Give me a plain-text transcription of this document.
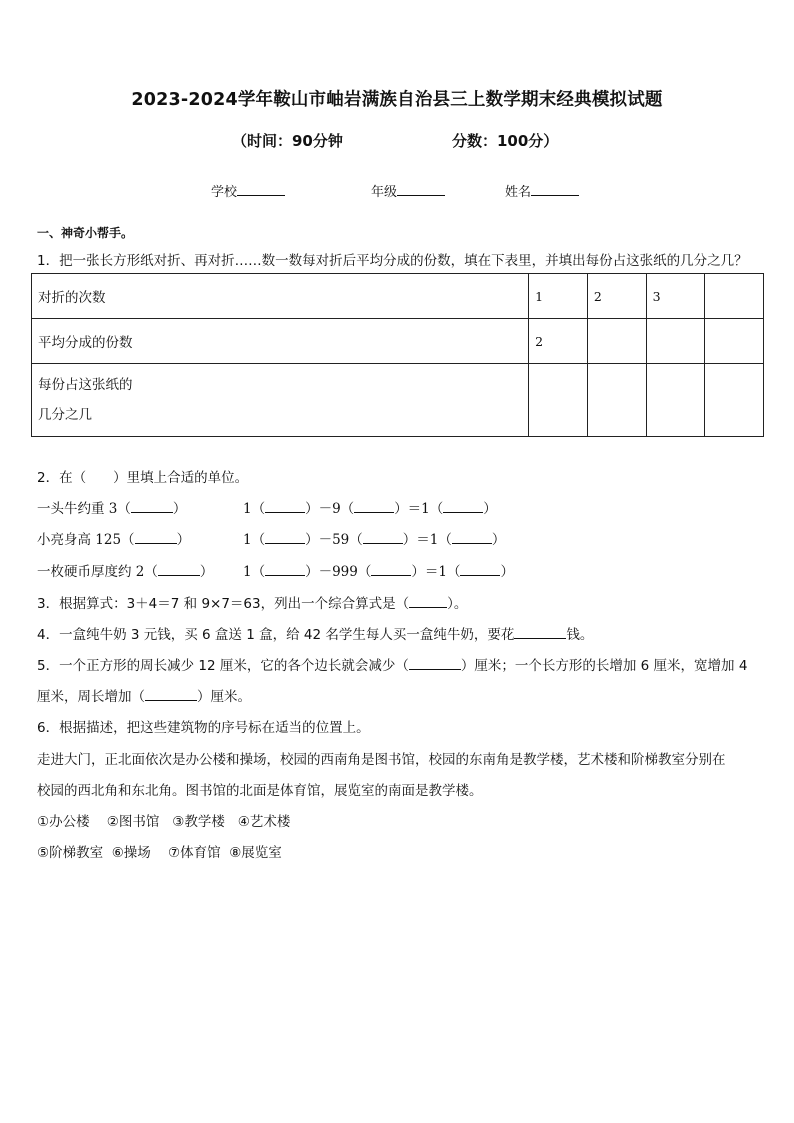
2023-2024学年鞍山市岫岩满族自治县三上数学期末经典模拟试题
（时间：90分钟	分数：100分）
学校	年级	姓名
一、神奇小帮手。
1．把一张长方形纸对折、再对折……数一数每对折后平均分成的份数，填在下表里，并填出每份占这张纸的几分之几？
对折的次数	1	2	3	
平均分成的份数	2			

每份占这张纸的
几分之几				

2．在（　　）里填上合适的单位。
一头牛约重 3（	）	1（	）－9（	）＝1（	）
小亮身高 125（	）	1（	）－59（	）＝1（	）
一枚硬币厚度约 2（	） 1（	）－999（	）＝1（	）
3．根据算式：3＋4＝7 和 9×7＝63，列出一个综合算式是（	）。
4．一盒纯牛奶 3 元钱，买 6 盒送 1 盒，给 42 名学生每人买一盒纯牛奶，要花	钱。
5．一个正方形的周长减少 12 厘米，它的各个边长就会减少（	）厘米；一个长方形的长增加 6 厘米，宽增加 4
厘米，周长增加（	）厘米。
6．根据描述，把这些建筑物的序号标在适当的位置上。
走进大门，正北面依次是办公楼和操场，校园的西南角是图书馆，校园的东南角是教学楼，艺术楼和阶梯教室分别在
校园的西北角和东北角。图书馆的北面是体育馆，展览室的南面是教学楼。
①办公楼 ②图书馆 ③教学楼 ④艺术楼
⑤阶梯教室 ⑥操场 ⑦体育馆 ⑧展览室
